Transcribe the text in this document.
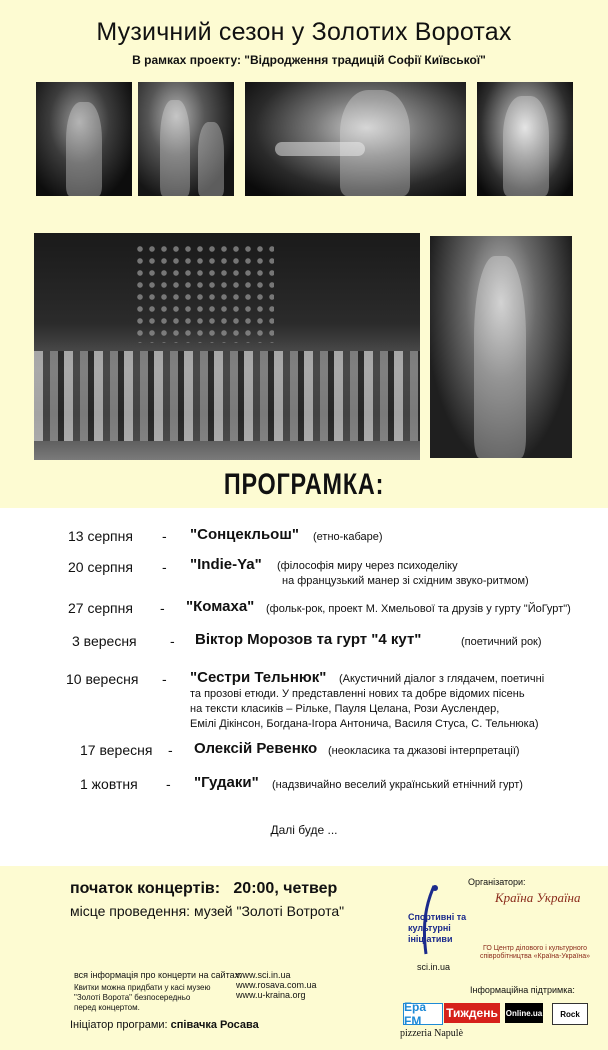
Музичний сезон у Золотих Воротах
В рамках проекту: "Відродження традицій Софії Київської"
ПРОГРАМКА:
13 серпня - "Сонцекльош" (етно-кабаре)
20 серпня - "Indie-Ya" (філософія миру через психоделіку
на французький манер зі східним звуко-ритмом)
27 серпня - "Комаха" (фольк-рок, проект М. Хмельової та друзів у гурту "ЙоГурт")
3 вересня - Віктор Морозов та гурт "4 кут"	(поетичний рок)
10 вересня - "Сестри Тельнюк" (Акустичний діалог з глядачем, поетичні
та прозові етюди. У представленні нових та добре відомих пісень
на тексти класиків – Рільке, Пауля Целана, Рози Ауслендер,
Емілі Дікінсон, Богдана-Ігора Антонича, Василя Стуса, С. Тельнюка)
17 вересня - Олексій Ревенко (неокласика та джазові інтерпретації)
1 жовтня - "Гудаки" (надзвичайно веселий український етнічний гурт)
Далі буде ...
початок концертів: 20:00, четвер
місце проведення: музей "Золоті Вотрота"
вся інформація про концерти на сайтах:
www.sci.in.ua
www.rosava.com.ua
www.u-kraina.org
Квитки можна придбати у касі музею
"Золоті Ворота" безпосередньо
перед концертом.
Ініціатор програми: співачка Росава
Організатори:
Спортивні та
культурні
ініціативи
sci.in.ua
Країна Україна
ГО Центр ділового і культурного співробітництва «Країна-Україна»
Інформаційна підтримка:
Ера FM
Тиждень Online.ua	Rock
pizzeria Napulè
